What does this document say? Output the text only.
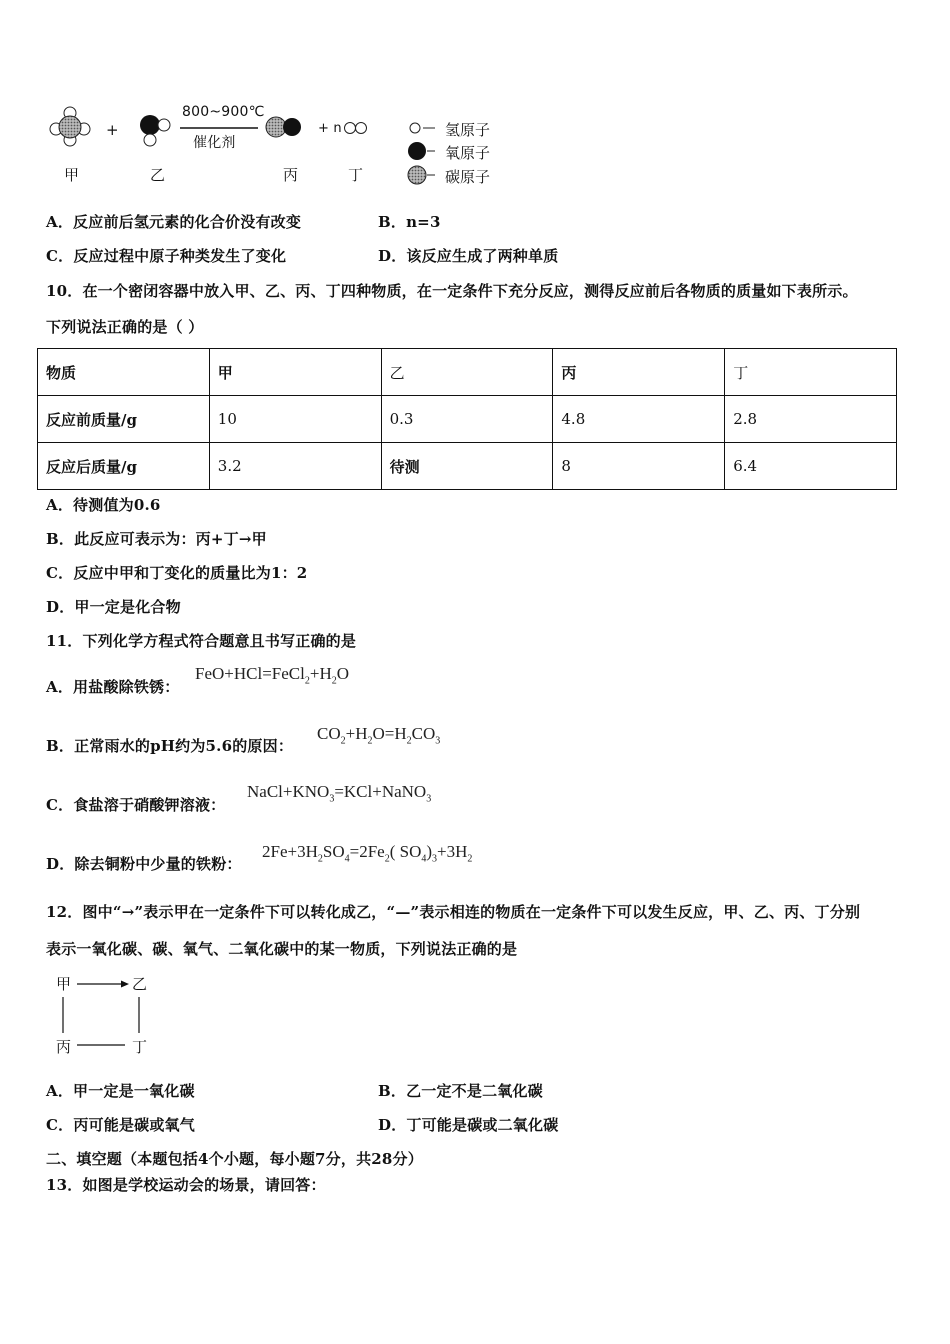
+
800~900℃
催化剂
+ n
甲	乙	丙	丁
氢原子
氧原子
碳原子
A．反应前后氢元素的化合价没有改变	B．n=3
C．反应过程中原子种类发生了变化	D．该反应生成了两种单质
10．在一个密闭容器中放入甲、乙、丙、丁四种物质，在一定条件下充分反应，测得反应前后各物质的质量如下表所示。
下列说法正确的是（ ）
物质	甲	乙	丙	丁
反应前质量/g	10	0.3	4.8	2.8
反应后质量/g	3.2	待测	8	6.4
A．待测值为0.6
B．此反应可表示为：丙+丁→甲
C．反应中甲和丁变化的质量比为1：2
D．甲一定是化合物
11．下列化学方程式符合题意且书写正确的是
A．用盐酸除铁锈：
$FeO+HCl=FeCl_2+H_2O$
B．正常雨水的pH约为5.6的原因：
$CO_2+H_2O=H_2CO_3$
C．食盐溶于硝酸钾溶液：
$NaCl+KNO_3=KCl+NaNO_3$
D．除去铜粉中少量的铁粉：
$2Fe+3H_2SO_4=2Fe_2$( $SO_4)_3+3H_2$
12．图中“→”表示甲在一定条件下可以转化成乙，“—”表示相连的物质在一定条件下可以发生反应，甲、乙、丙、丁分别
表示一氧化碳、碳、氧气、二氧化碳中的某一物质，下列说法正确的是
甲	乙
丙	丁
A．甲一定是一氧化碳	B．乙一定不是二氧化碳
C．丙可能是碳或氧气	D．丁可能是碳或二氧化碳
二、填空题（本题包括4个小题，每小题7分，共28分）
13．如图是学校运动会的场景，请回答：
